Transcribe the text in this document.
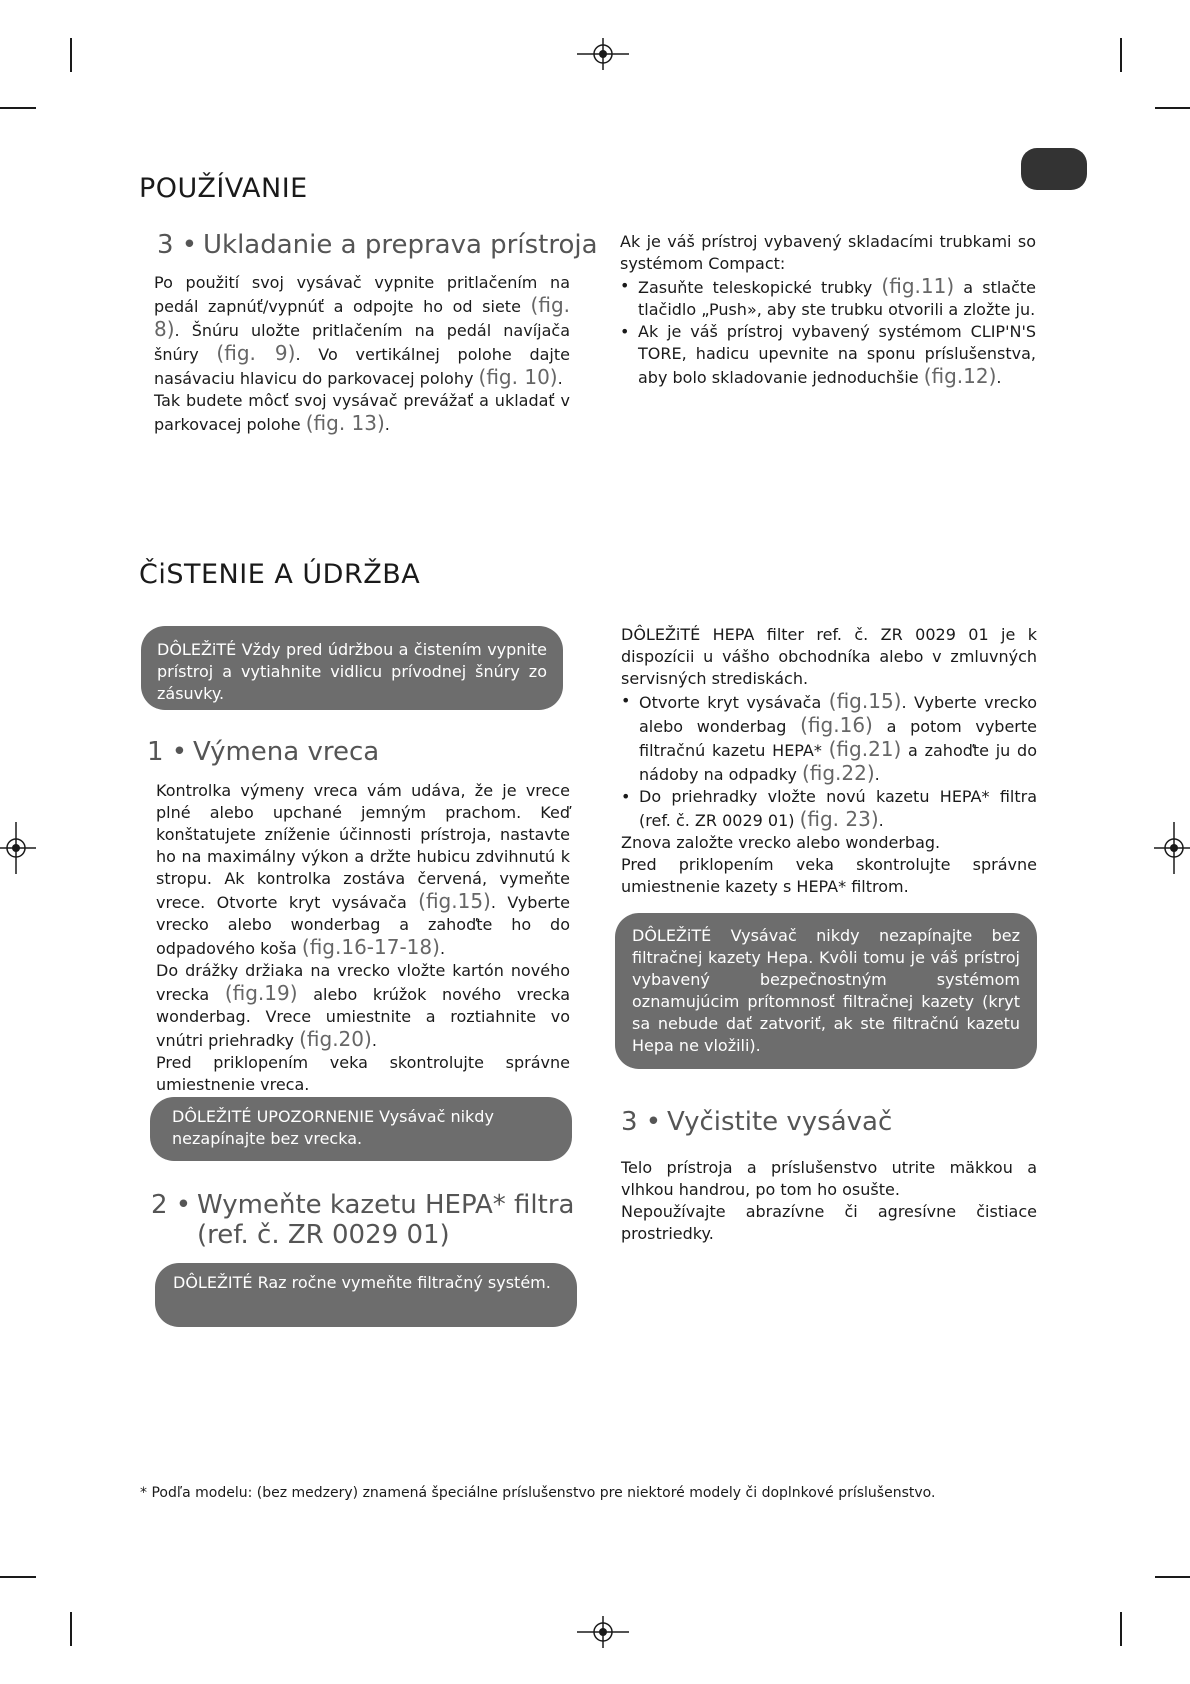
POUŽÍVANIE
3 • Ukladanie a preprava prístroja

Po použití svoj vysávač vypnite pritlačením na pedál zapnúť/vypnúť a odpojte ho od siete (fig. 8). Šnúru uložte pritlačením na pedál navíjača šnúry (fig. 9). Vo vertikálnej polohe dajte nasávaciu hlavicu do parkovacej polohy (fig. 10).

Tak budete môcť svoj vysávač prevážať a ukladať v parkovacej polohe (fig. 13).

Ak je váš prístroj vybavený skladacími trubkami so systémom Compact:

• Zasuňte teleskopické trubky (fig.11) a stlačte tlačidlo „Push», aby ste trubku otvorili a zložte ju.
• Ak je váš prístroj vybavený systémom CLIP'N'S TORE, hadicu upevnite na sponu príslušenstva, aby bolo skladovanie jednoduchšie (fig.12).
ČiSTENIE A ÚDRŽBA
DÔLEŽiTÉ Vždy pred údržbou a čistením vypnite prístroj a vytiahnite vidlicu prívodnej šnúry zo zásuvky.
1 • Výmena vreca

Kontrolka výmeny vreca vám udáva, že je vrece plné alebo upchané jemným prachom. Keď konštatujete zníženie účinnosti prístroja, nastavte ho na maximálny výkon a držte hubicu zdvihnutú k stropu. Ak kontrolka zostáva červená, vymeňte vrece. Otvorte kryt vysávača (fig.15). Vyberte vrecko alebo wonderbag a zahoďte ho do odpadového koša (fig.16-17-18).

Do drážky držiaka na vrecko vložte kartón nového vrecka (fig.19) alebo krúžok nového vrecka wonderbag. Vrece umiestnite a roztiahnite vo vnútri priehradky (fig.20).

Pred priklopením veka skontrolujte správne umiestnenie vreca.

DÔLEŽITÉ UPOZORNENIE Vysávač nikdy nezapínajte bez vrecka.
2 • Wymeňte kazetu HEPA* filtra
(ref. č. ZR 0029 01)
DÔLEŽITÉ Raz ročne vymeňte filtračný systém.

DÔLEŽiTÉ HEPA filter ref. č. ZR 0029 01 je k dispozícii u vášho obchodníka alebo v zmluvných servisných strediskách.

• Otvorte kryt vysávača (fig.15). Vyberte vrecko alebo wonderbag (fig.16) a potom vyberte filtračnú kazetu HEPA* (fig.21) a zahoďte ju do nádoby na odpadky (fig.22).
• Do priehradky vložte novú kazetu HEPA* filtra (ref. č. ZR 0029 01) (fig. 23).

Znova založte vrecko alebo wonderbag.

Pred priklopením veka skontrolujte správne umiestnenie kazety s HEPA* filtrom.

DÔLEŽiTÉ Vysávač nikdy nezapínajte bez filtračnej kazety Hepa. Kvôli tomu je váš prístroj vybavený bezpečnostným systémom oznamujúcim prítomnosť filtračnej kazety (kryt sa nebude dať zatvoriť, ak ste filtračnú kazetu Hepa ne vložili).
3 • Vyčistite vysávač

Telo prístroja a príslušenstvo utrite mäkkou a vlhkou handrou, po tom ho osušte.

Nepoužívajte abrazívne či agresívne čistiace prostriedky.

* Podľa modelu: (bez medzery) znamená špeciálne príslušenstvo pre niektoré modely či doplnkové príslušenstvo.
